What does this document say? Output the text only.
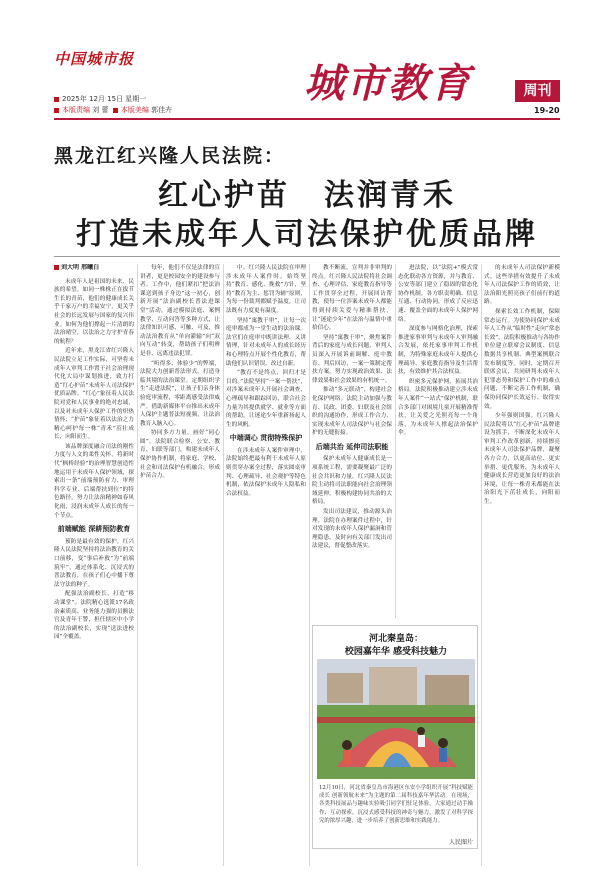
中国城市报
2025年 12月 15日 星期一
本版责编 刘 蕾 本版美编 郭佳卉
城市教育	周刊
19-20
黑龙江红兴隆人民法院：
红心护苗 法润青禾
打造未成年人司法保护优质品牌
刘大明 邢曦白

未成年人是祖国的未来、民族的希望。如同一株株正在拔节生长的青苗，他们的健康成长关乎千家万户的幸福安宁，更关乎社会的长远发展与国家的复兴伟业。如何为他们撑起一片清朗的法治晴空，以法治之力守护青春的航程？

近年来，黑龙江省红兴隆人民法院立足工作实际，可坚将未成年人审判工作置于社会治理现代化大局中谋划推进，致力打造“红心护苗”未成年人司法保护优质品牌。“红心”象征着人民法院对党和人民事业的绝对忠诚，以及对未成年人保护工作的炽热情怀；“护苗”象征着以法治之力精心呵护每一株“青禾”茁壮成长，向阳而生。

该品牌深度融合司法的刚性力度与人文的柔性关怀，将新时代“枫桥经验”的治理智慧创造性地运用于未成年人保护领域，探索出一条“前端预防有力、审理科学专业、后端帮扶到位”的特色路径，努力让法治精神如春风化雨，浸润未成年人成长的每一个节点。

前端赋能 深耕预防教育

预防是最有效的保护。红兴隆人民法院坚持将法治教育的关口前移，变“事后补救”为“前端筑牢”，通过体系化、沉浸式的普法教育，在孩子们心中播下尊法守法的种子。

配强法治副校长，打造“移动课堂”。法院精心选派17名政治素质高、业务能力强的员额法官及青年干警，担任辖区中小学的法治副校长，实现“送法进校园”全覆盖。

每年，他们不仅是法律的宣讲者，更是校园安全的建设参与者。工作中，他们紧扣“把法治课送到孩子身边”这一初心，创新开展“法治副校长普法进课堂”活动，通过模拟法庭、案例教学、互动问答等多种方式，让法律知识可感、可触、可及，推动法治教育从“单向灌输”向“双向互动”转变，帮助孩子们明辨是非、远离违法犯罪。

“听得多、体验少”的弊端，法院大力创新普法形式，打造身临其境的法治课堂。定期组织学生“走进法院”，让孩子们亲身体验庭审流程，零距离感受法律威严。借助新媒体平台推出未成年人保护主题普法短视频，让法治教育入脑入心。

协同多方力量，画好“同心圆”。法院联合检察、公安、教育、妇联等部门，构建未成年人保护协作机制，将家庭、学校、社会和司法保护有机融合，形成护苗合力。

中。红兴隆人民法院在审理涉未成年人案件时，始终坚持“教育、感化、挽救”方针，坚持“教育为主、惩罚为辅”原则，为每一份裁判都赋予温度，让司法既有力度更有温度。

坚持“寓教于审”，让每一次庭审都成为一堂生动的法治课。法官们在庭审中既讲法理、又讲情理，针对未成年人的成长经历和心理特点开展个性化教育，帮助他们认识错误、改过自新。

“教育不是终点，回归才是目的。”法院坚持“一案一帮扶”，对涉案未成年人开展社会调查、心理疏导和跟踪回访，联合社会力量为其提供就学、就业等方面的帮助，让迷途少年重新扬起人生的风帆。

中端调心 贯彻特殊保护

在涉未成年人案件审理中，法院始终把最有利于未成年人原则贯穿办案全过程，落实圆桌审判、心理疏导、社会观护等特色机制，依法保护未成年人隐私和合法权益。

教不断流、宣判并非审判的终点。红兴隆人民法院将社会调查、心理评估、家庭教育指导等工作贯穿全过程，开展回访帮教，使每一位涉案未成年人都能得到持续关爱与精准帮扶，让“迷途少年”在法治与温情中重拾信心。

坚持“寓教于审”，聚焦案件背后的家庭与成长问题，审判人员深入开展诉前调解、庭中教育、判后回访，一案一策制定帮扶方案，努力实现政治效果、法律效果和社会效果的有机统一。

推动“多元联动”，构建社会化保护网络。法院主动加强与教育、民政、团委、妇联及社会组织的沟通协作，形成工作合力，实现未成年人司法保护与社会保护的无缝衔接。

后端共治 延伸司法职能

保护未成年人健康成长是一项系统工程，需要凝聚最广泛的社会共识和力量。红兴隆人民法院主动将司法职能向社会治理领域延伸，积极构建协同共治的大格局。

发出司法建议，推动源头治理。法院在办理案件过程中，针对发现的未成年人保护漏洞和管理隐患，及时向有关部门发出司法建议，督促整改落实。

进法院，以“法院+”模式常态化联动各方资源，并与教育、公安等部门建立了稳固的常态化协作机制。各方职责明确、信息互通、行动协同，形成了反应迅速、覆盖全面的未成年人保护网络。

深度参与网格化治理，探索推进家事审判与未成年人审判融合发展，依托家事审判工作机制，为特殊家庭未成年人提供心理疏导、家庭教育指导及生活帮扶，有效维护其合法权益。

织密多元保护网，拓展共治格局。法院积极推动建立涉未成年人案件“一站式”保护机制，联合多部门对困境儿童开展精准帮扶，让关爱之光照亮每一个角落，为未成年人撑起法治保护伞。

的未成年人司法保护新模式。这些举措有效提升了未成年人司法保护工作的质效，让法治阳光照亮孩子们前行的道路。

探索长效工作机制，保障常态运行。为使协同保护未成年人工作从“临时性”走向“常态长效”，法院积极推动与各协作单位建立联席会议制度、信息数据共享机制、典型案例联合发布制度等。同时，定期召开联席会议，共同研判未成年人犯罪态势和保护工作中的难点问题，不断完善工作机制，确保协同保护长效运行、取得实效。

少年强则国强。红兴隆人民法院将以“红心护苗”品牌建设为抓手，不断深化未成年人审判工作改革创新，持续擦亮未成年人司法保护品牌，凝聚各方合力，以更高站位、更实举措、更优服务，为未成年人健康成长营造更加良好的法治环境，让每一株青禾都能在法治阳光下茁壮成长，向阳而生。

河北秦皇岛：
校园嘉年华 感受科技魅力
12月10日，河北省秦皇岛市海港区东安小学组织开展“科技赋能成长 创新领航未来”为主题的第二届科技嘉年华活动。在现场，各类科技展品与趣味实验吸引同学们驻足体验，大家通过动手操作、互动探索，沉浸式感受科技的神奇与魅力，激发了对科学探究的浓厚兴趣，进一步培养了创新思维和实践能力。
人民图片
